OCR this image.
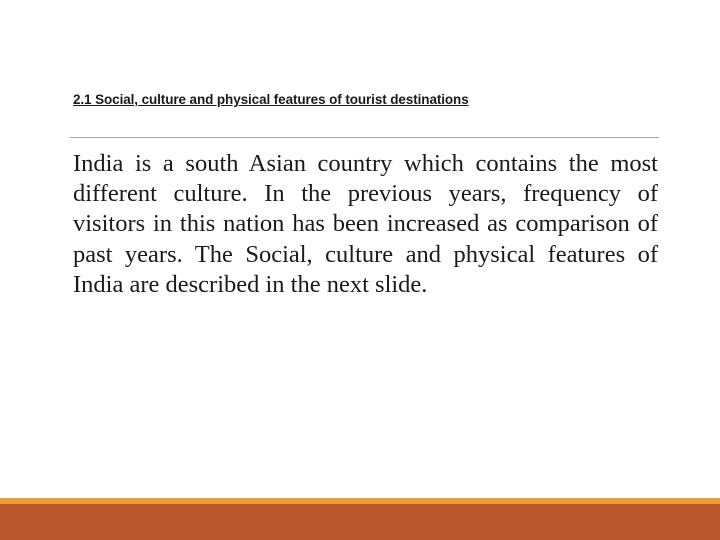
2.1 Social, culture and physical features of tourist destinations

India is a south Asian country which contains the most different culture. In the previous years, frequency of visitors in this nation has been increased as comparison of past years. The Social, culture and physical features of India are described in the next slide.
